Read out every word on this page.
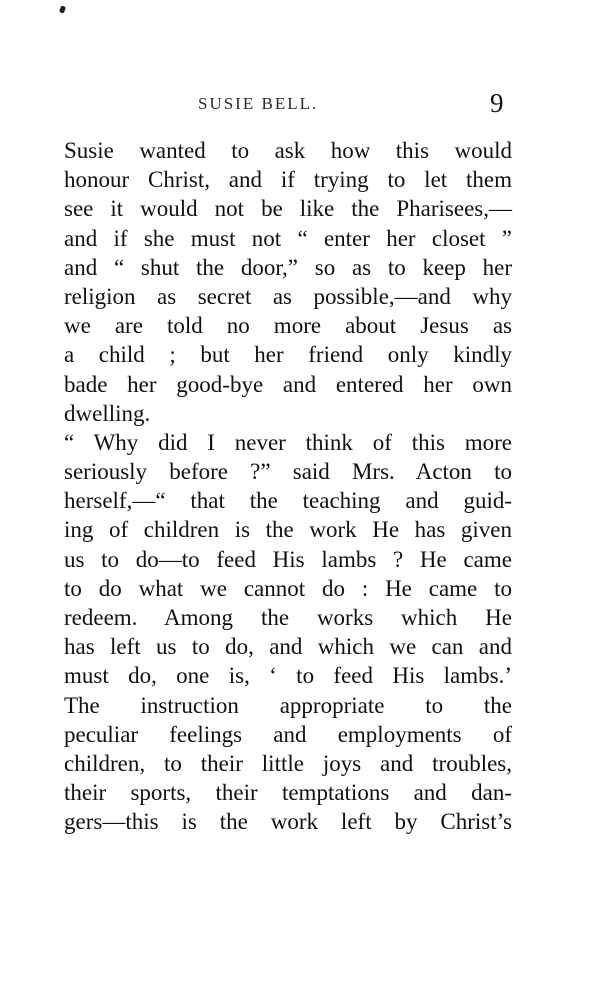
SUSIE BELL.	9
Susie wanted to ask how this would
honour Christ, and if trying to let them
see it would not be like the Pharisees,—
and if she must not “ enter her closet ”
and “ shut the door,” so as to keep her
religion as secret as possible,—and why
we are told no more about Jesus as
a child ; but her friend only kindly
bade her good-bye and entered her own
dwelling.
“ Why did I never think of this more
seriously before ?” said Mrs. Acton to
herself,—“ that the teaching and guid-
ing of children is the work He has given
us to do—to feed His lambs ? He came
to do what we cannot do : He came to
redeem. Among the works which He
has left us to do, and which we can and
must do, one is, ‘ to feed His lambs.’
The instruction appropriate to the
peculiar feelings and employments of
children, to their little joys and troubles,
their sports, their temptations and dan-
gers—this is the work left by Christ’s
